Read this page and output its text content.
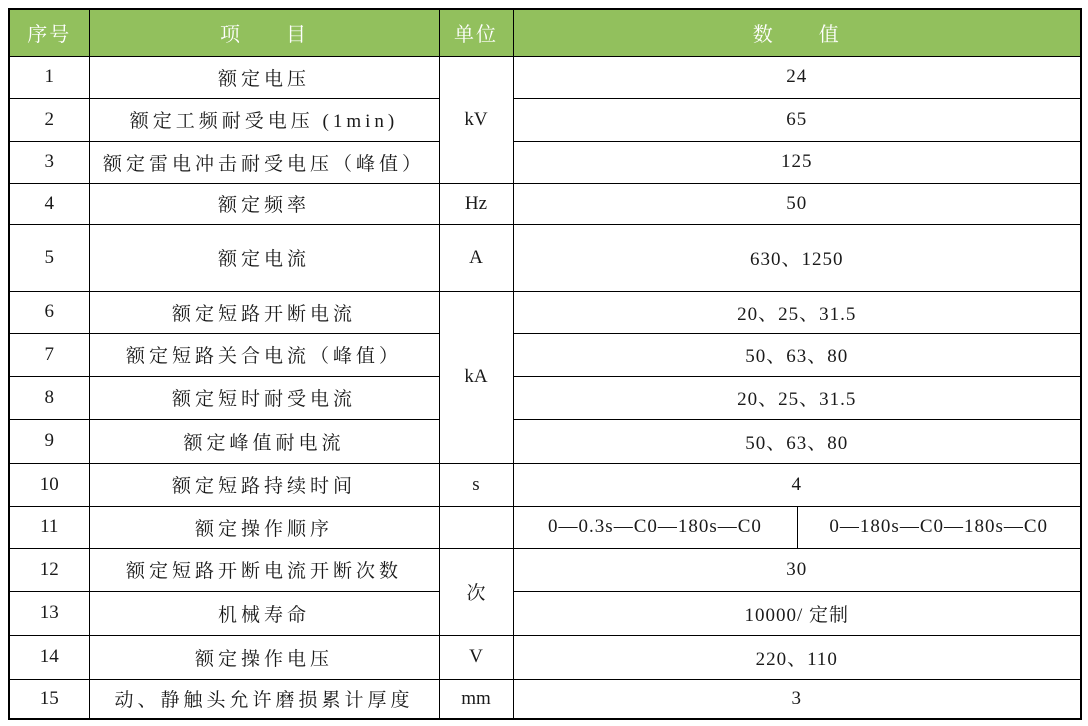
序号	项　　目	单位	数　　值	
1	额定电压	kV	24	
2	额定工频耐受电压 (1min)		65	
3	额定雷电冲击耐受电压（峰值）		125	
4	额定频率	Hz	50	
5	额定电流	A	630、1250	
6	额定短路开断电流	kA	20、25、31.5	
7	额定短路关合电流（峰值）		50、63、80	
8	额定短时耐受电流		20、25、31.5	
9	额定峰值耐电流		50、63、80	
10	额定短路持续时间	s	4	
11	额定操作顺序		0—0.3s—C0—180s—C0	0—180s—C0—180s—C0
12	额定短路开断电流开断次数	次	30	
13	机械寿命		10000/ 定制	
14	额定操作电压	V	220、110	
15	动、静触头允许磨损累计厚度	mm	3	
